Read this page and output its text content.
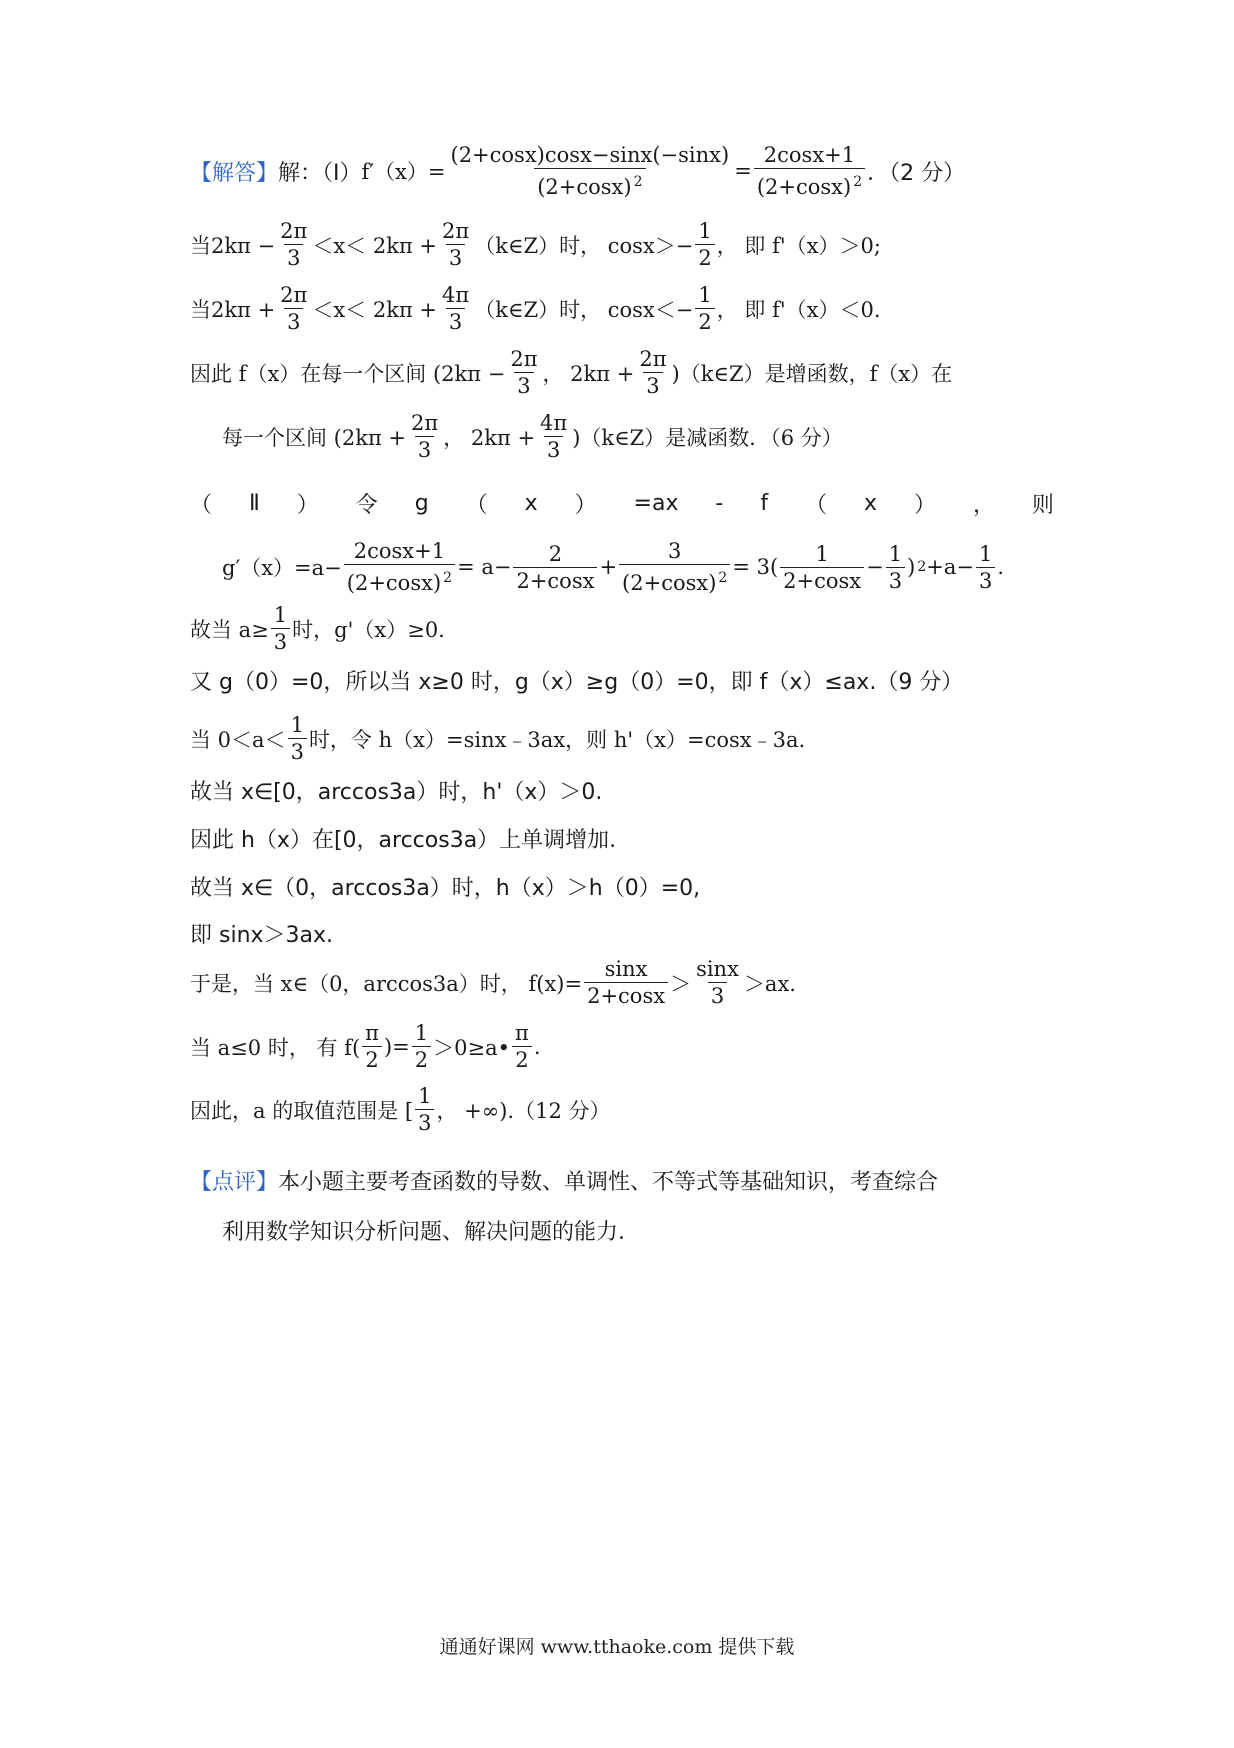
【解答】 解：（Ⅰ） $f'(x)= \frac{(2+\cos x)\cos x-\sin x(-\sin x)}{(2+\cos x) ^2} = \frac{2\cos x+1}{(2+\cos x) ^2}$ ．（2 分）
当$2k\pi - \frac{2\pi}{3} <x< 2k\pi + \frac{2\pi}{3}$ （k∈Z）时， $\cos x>- \frac{1}{2}$ ， 即 f'（x）＞0;
当$2k\pi + \frac{2\pi}{3} <x< 2k\pi + \frac{4\pi}{3}$ （k∈Z）时， $\cos x<- \frac{1}{2}$ ， 即 f'（x）＜0.
因此 f（x）在每一个区间 ($2k\pi - \frac{2\pi}{3}$ ， $2k\pi + \frac{2\pi}{3}$ )（k∈Z）是增函数，f（x）在
每一个区间 ($2k\pi + \frac{2\pi}{3}$ ， $2k\pi + \frac{4\pi}{3}$ )（k∈Z）是减函数．（6 分）
（ Ⅱ ） 令 g （ x ） =ax - f （ x ） ， 则
$g'(x)=a- \frac{2\cos x+1}{(2+\cos x) ^2} = a- \frac{2}{2+\cos x} + \frac{3}{(2+\cos x) ^2} = 3( \frac{1}{2+\cos x} - \frac{1}{3}$ ) $2 +a- \frac{1}{3}$ .
故当 $a\ge \frac{1}{3}$ 时，g'（x）≥0.
又 g（0）=0，所以当 x≥0 时，g（x）≥g（0）=0，即 f（x）≤ax.（9 分）
当 $0<a< \frac{1}{3}$ 时，令 h（x）=sinx﹣3ax，则 h'（x）=cosx﹣3a.
故当 x∈[0，arccos3a）时，h'（x）＞0.
因此 h（x）在[0，arccos3a）上单调增加.
故当 x∈（0，arccos3a）时，h（x）＞h（0）=0,
即 sinx＞3ax.
于是，当 x∈（0，arccos3a）时， $f(x)= \frac{\sin x}{2+\cos x} > \frac{\sin x}{3} >ax$.
当 a≤0 时， 有 $f( \frac{\pi}{2}$ )= $\frac{1}{2}$ ＞0≥a• $\frac{\pi}{2}$ .
因此，a 的取值范围是 [ $\frac{1}{3}$ ， +∞).（12 分）
【点评】 本小题主要考查函数的导数、单调性、不等式等基础知识，考查综合
利用数学知识分析问题、解决问题的能力.
通通好课网 www.tthaoke.com 提供下载
